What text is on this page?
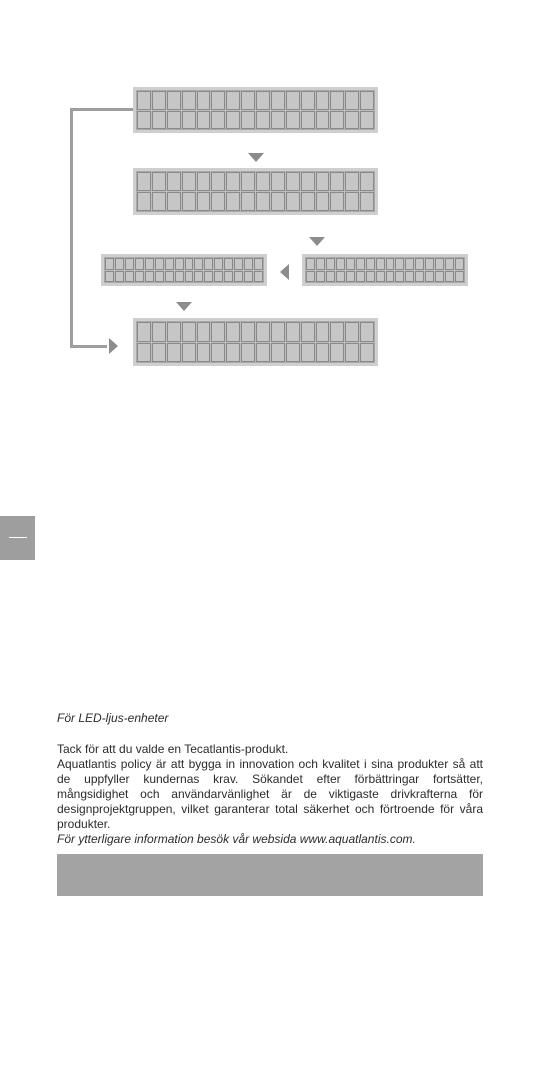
För LED-ljus-enheter

Tack för att du valde en Tecatlantis-produkt.

Aquatlantis policy är att bygga in innovation och kvalitet i sina produkter så att de uppfyller kundernas krav. Sökandet efter förbättringar fortsätter, mångsidighet och användarvänlighet är de viktigaste drivkrafterna för designprojektgruppen, vilket garanterar total säkerhet och förtroende för våra produkter.

För ytterligare information besök vår websida www.aquatlantis.com.
